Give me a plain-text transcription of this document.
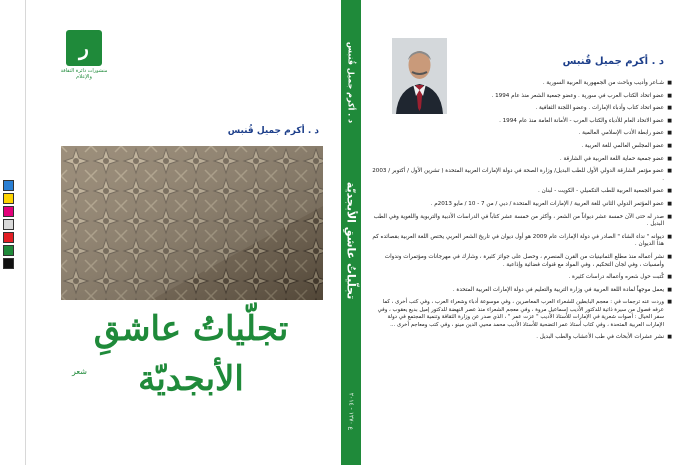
ر
منشورات دائرة الثقافة والإعلام
د . أكرم جميل قُنبس
تجلّياتُ عاشقِ الأبجديّة
شعر
د . أكرم جميل قُنبس
تجلّياتُ عاشقِ الأبجديّة
ع ١٢٧٠ - ٢٠١٤
د . أكرم جميل قُنبس
■ شـاعر وأديب وباحث من الجمهورية العربية السورية .
■ عضو اتحاد الكتاب العرب في سورية . وعضو جمعية الشعر منذ عام 1994 .
■ عضو اتحاد كتاب وأدباء الإمارات . وعضو اللجنة الثقافية .
■ عضو الاتحاد العام للأدباء والكتاب العرب - الأمانة العامة منذ عام 1994 .
■ عضو رابطة الأدب الإسلامي العالمية .
■ عضو المجلس العالمي للغة العربية .
■ عضو جمعية حماية اللغة العربية في الشارقة .
■ عضو مؤتمر الشارقة الدولي الأول للطب البديل/ وزارة الصحة في دولة الإمارات العربية المتحدة ( تشرين الأول / أكتوبر / 2003 .
■ عضو الجمعية العربية للطب التكميلي - الكويت - لبنان .
■ عضو المؤتمر الدولي الثاني للغة العربية / الإمارات العربية المتحدة / دبي / من 7 - 10 / مايو 2013م .
■ صدر له حتى الآن خمسة عشر ديواناً من الشعر ، وأكثر من خمسة عشر كتاباً في الدراسات الأدبية والتربوية واللغوية وفي الطب البديل .
■ ديوانه " نداء الشاء " الصادر في دولة الإمارات عام 2009 هو أول ديوان في تاريخ الشعر العربي يختص اللغة العربية بقصائده كم هذا الديوان .
■ نشر أعماله منذ مطلع الثمانينيات من القرن المنصرم ، وحصل على جوائز كثيرة ، وشارك في مهرجانات ومؤتمرات وندوات وأمسيات ، وفي لجان التحكيم ، وفي المواد مع قنوات فضائية وإذاعية .
■ كُتبت حول شعره وأعماله دراسات كثيرة .
■ يعمل موجهاً لمادة اللغة العربية في وزارة التربية والتعليم في دولة الإمارات العربية المتحدة .
■ وردت عنه ترجمات في : معجم البابطين للشعراء العرب المعاصرين ، وفي موسوعة أدباء وشعراء العرب ، وفي كتب أخرى ، كما عرفه فصول من سيرة ذاتية للدكتور الأديب إسماعيل مروة ، وفي معجم الشعراء منذ عصر النهضة للدكتور إميل بديع يعقوب ، وفي سفر الخيال : أصوات شعرية في الإمارات للأستاذ الأديب " عزت عمر " ، الذي صدر عن وزارة الثقافة وتنمية المجتمع في دولة الإمارات العربية المتحدة ، وفي كتاب أستاذ عمر التضحية للأستاذ الأديب محمد محيي الدين مينو ، وفي كتب ومعاجم أخرى ...
■ نشر عشرات الأبحاث في طب الأعشاب والطب البديل .
